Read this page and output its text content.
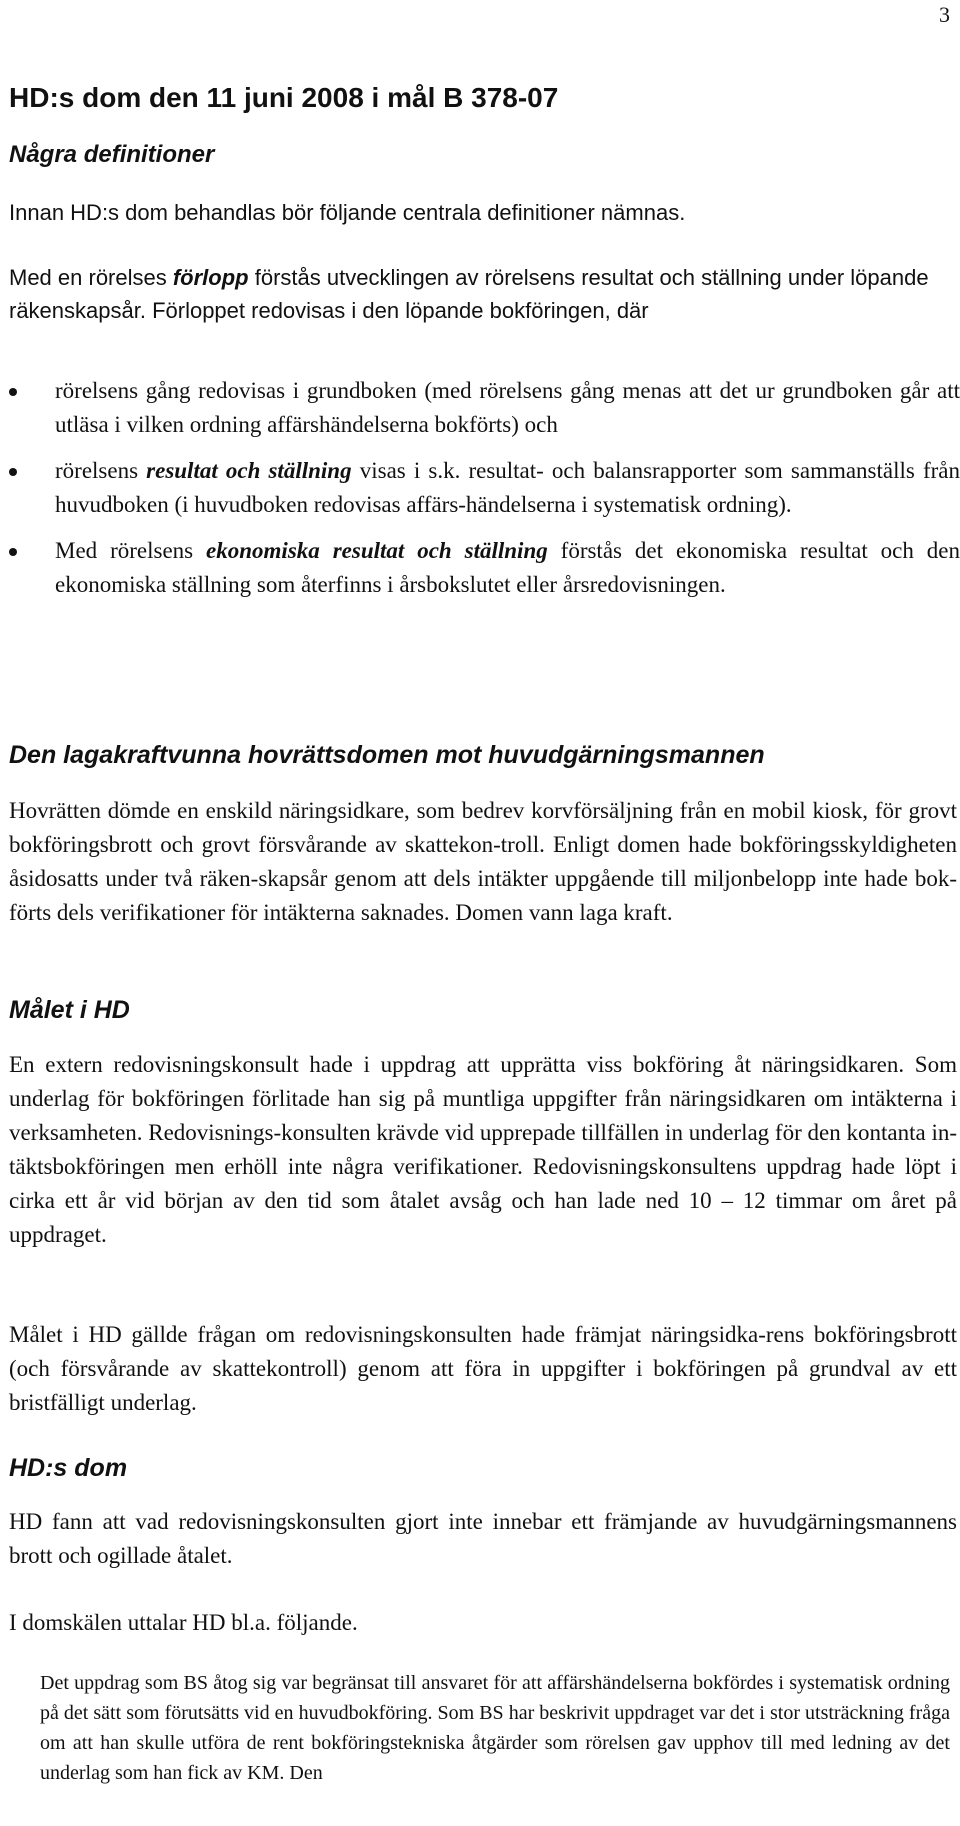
3
HD:s dom den 11 juni 2008 i mål B 378-07
Några definitioner

Innan HD:s dom behandlas bör följande centrala definitioner nämnas.

Med en rörelses förlopp förstås utvecklingen av rörelsens resultat och ställning under löpande räkenskapsår. Förloppet redovisas i den löpande bokföringen, där

rörelsens gång redovisas i grundboken (med rörelsens gång menas att det ur grundboken går att utläsa i vilken ordning affärshändelserna bokförts) och
rörelsens resultat och ställning visas i s.k. resultat- och balansrapporter som sammanställs från huvudboken (i huvudboken redovisas affärs-händelserna i systematisk ordning).
Med rörelsens ekonomiska resultat och ställning förstås det ekonomiska resultat och den ekonomiska ställning som återfinns i årsbokslutet eller årsredovisningen.
Den lagakraftvunna hovrättsdomen mot huvudgärningsmannen

Hovrätten dömde en enskild näringsidkare, som bedrev korvförsäljning från en mobil kiosk, för grovt bokföringsbrott och grovt försvårande av skattekon-troll. Enligt domen hade bokföringsskyldigheten åsidosatts under två räken-skapsår genom att dels intäkter uppgående till miljonbelopp inte hade bok-förts dels verifikationer för intäkterna saknades. Domen vann laga kraft.

Målet i HD

En extern redovisningskonsult hade i uppdrag att upprätta viss bokföring åt näringsidkaren. Som underlag för bokföringen förlitade han sig på muntliga uppgifter från näringsidkaren om intäkterna i verksamheten. Redovisnings-konsulten krävde vid upprepade tillfällen in underlag för den kontanta in-täktsbokföringen men erhöll inte några verifikationer. Redovisningskonsultens uppdrag hade löpt i cirka ett år vid början av den tid som åtalet avsåg och han lade ned 10 – 12 timmar om året på uppdraget.

Målet i HD gällde frågan om redovisningskonsulten hade främjat näringsidka-rens bokföringsbrott (och försvårande av skattekontroll) genom att föra in uppgifter i bokföringen på grundval av ett bristfälligt underlag.

HD:s dom

HD fann att vad redovisningskonsulten gjort inte innebar ett främjande av huvudgärningsmannens brott och ogillade åtalet.

I domskälen uttalar HD bl.a. följande.

Det uppdrag som BS åtog sig var begränsat till ansvaret för att affärshändelserna bokfördes i systematisk ordning på det sätt som förutsätts vid en huvudbokföring. Som BS har beskrivit uppdraget var det i stor utsträckning fråga om att han skulle utföra de rent bokföringstekniska åtgärder som rörelsen gav upphov till med ledning av det underlag som han fick av KM. Den
